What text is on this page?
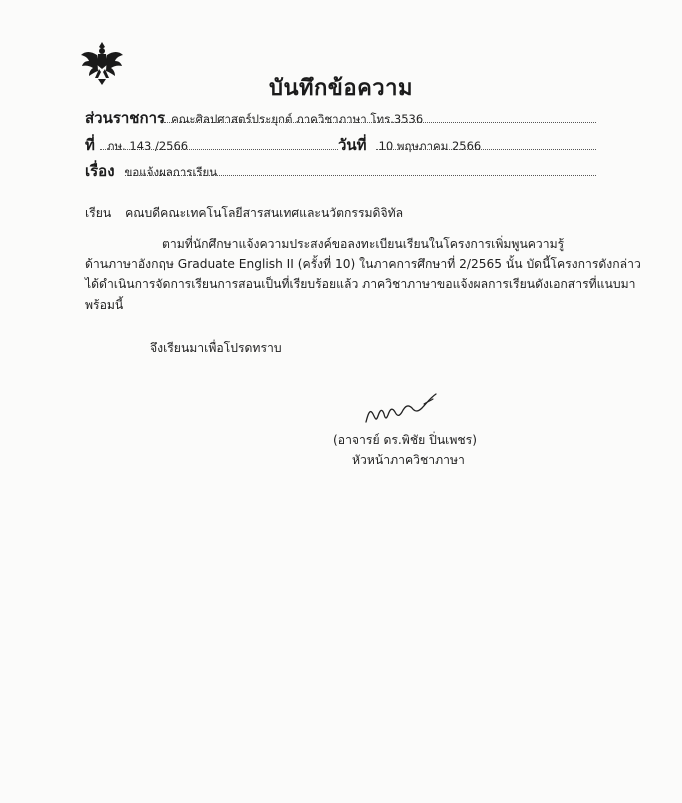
บันทึกข้อความ
ส่วนราชการ คณะศิลปศาสตร์ประยุกต์ ภาควิชาภาษา โทร.3536
ที่ ภษ. 143 /2566	วันที่ 10 พฤษภาคม 2566
เรื่อง ขอแจ้งผลการเรียน
เรียน คณบดีคณะเทคโนโลยีสารสนเทศและนวัตกรรมดิจิทัล
ตามที่นักศึกษาแจ้งความประสงค์ขอลงทะเบียนเรียนในโครงการเพิ่มพูนความรู้
ด้านภาษาอังกฤษ Graduate English II (ครั้งที่ 10) ในภาคการศึกษาที่ 2/2565 นั้น บัดนี้โครงการดังกล่าว
ได้ดำเนินการจัดการเรียนการสอนเป็นที่เรียบร้อยแล้ว ภาควิชาภาษาขอแจ้งผลการเรียนดังเอกสารที่แนบมา
พร้อมนี้
จึงเรียนมาเพื่อโปรดทราบ
(อาจารย์ ดร.พิชัย ปิ่นเพชร)
หัวหน้าภาควิชาภาษา
